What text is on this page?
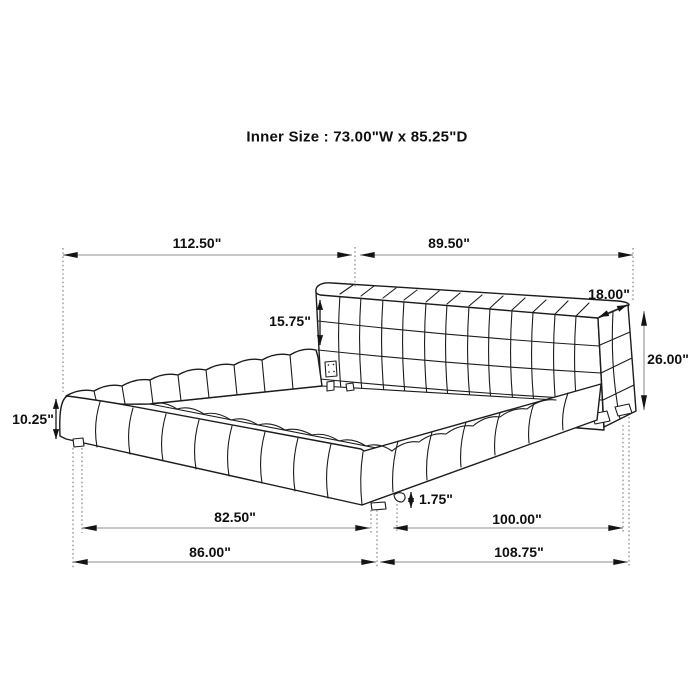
Inner Size : 73.00"W x 85.25"D
112.50"	89.50"
18.00"
15.75"
26.00"
10.25"
1.75"
82.50"	100.00"
86.00"	108.75"
